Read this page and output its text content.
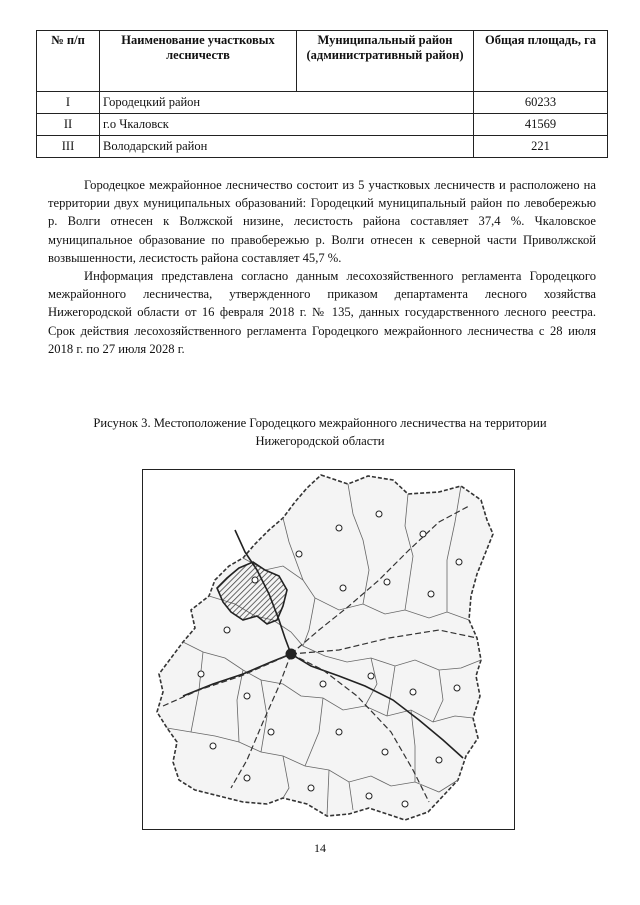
№ п/п	Наименование участковых лесничеств	Муниципальный район (административный район)	Общая площадь, га
I	Городецкий район		60233
II	г.о Чкаловск		41569
III	Володарский район		221

Городецкое межрайонное лесничество состоит из 5 участковых лесничеств и расположено на территории двух муниципальных образований: Городецкий муниципальный район по левобережью р. Волги отнесен к Волжской низине, лесистость района составляет 37,4 %. Чкаловское муниципальное образование по правобережью р. Волги отнесен к северной части Приволжской возвышенности, лесистость района составляет 45,7 %.

Информация представлена согласно данным лесохозяйственного регламента Городецкого межрайонного лесничества, утвержденного приказом департамента лесного хозяйства Нижегородской области от 16 февраля 2018 г. № 135, данных государственного лесного реестра. Срок действия лесохозяйственного регламента Городецкого межрайонного лесничества с 28 июля 2018 г. по 27 июля 2028 г.

Рисунок 3. Местоположение Городецкого межрайонного лесничества на территории Нижегородской области
14
